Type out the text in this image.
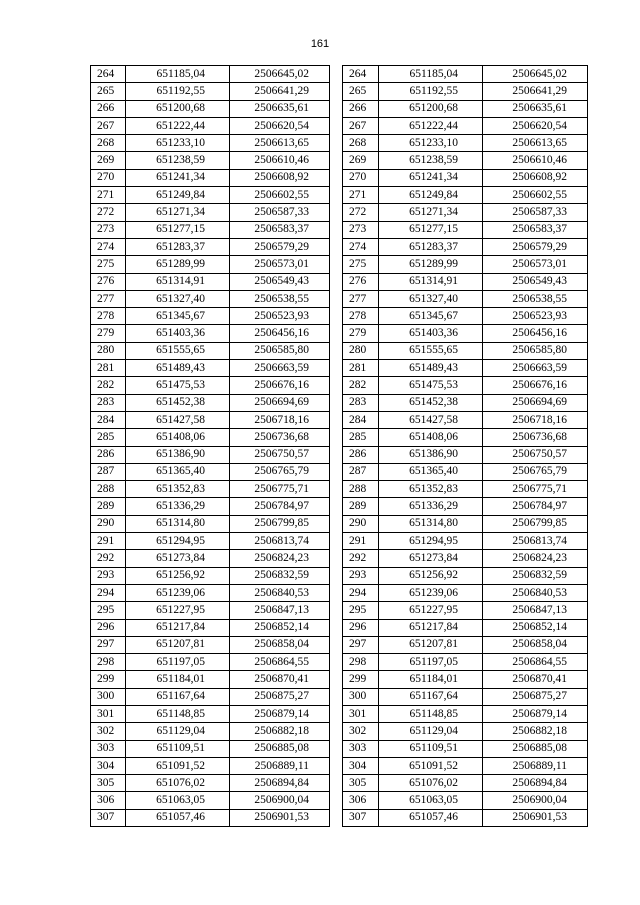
161
264	651185,04	2506645,02
265	651192,55	2506641,29
266	651200,68	2506635,61
267	651222,44	2506620,54
268	651233,10	2506613,65
269	651238,59	2506610,46
270	651241,34	2506608,92
271	651249,84	2506602,55
272	651271,34	2506587,33
273	651277,15	2506583,37
274	651283,37	2506579,29
275	651289,99	2506573,01
276	651314,91	2506549,43
277	651327,40	2506538,55
278	651345,67	2506523,93
279	651403,36	2506456,16
280	651555,65	2506585,80
281	651489,43	2506663,59
282	651475,53	2506676,16
283	651452,38	2506694,69
284	651427,58	2506718,16
285	651408,06	2506736,68
286	651386,90	2506750,57
287	651365,40	2506765,79
288	651352,83	2506775,71
289	651336,29	2506784,97
290	651314,80	2506799,85
291	651294,95	2506813,74
292	651273,84	2506824,23
293	651256,92	2506832,59
294	651239,06	2506840,53
295	651227,95	2506847,13
296	651217,84	2506852,14
297	651207,81	2506858,04
298	651197,05	2506864,55
299	651184,01	2506870,41
300	651167,64	2506875,27
301	651148,85	2506879,14
302	651129,04	2506882,18
303	651109,51	2506885,08
304	651091,52	2506889,11
305	651076,02	2506894,84
306	651063,05	2506900,04
307	651057,46	2506901,53
264	651185,04	2506645,02
265	651192,55	2506641,29
266	651200,68	2506635,61
267	651222,44	2506620,54
268	651233,10	2506613,65
269	651238,59	2506610,46
270	651241,34	2506608,92
271	651249,84	2506602,55
272	651271,34	2506587,33
273	651277,15	2506583,37
274	651283,37	2506579,29
275	651289,99	2506573,01
276	651314,91	2506549,43
277	651327,40	2506538,55
278	651345,67	2506523,93
279	651403,36	2506456,16
280	651555,65	2506585,80
281	651489,43	2506663,59
282	651475,53	2506676,16
283	651452,38	2506694,69
284	651427,58	2506718,16
285	651408,06	2506736,68
286	651386,90	2506750,57
287	651365,40	2506765,79
288	651352,83	2506775,71
289	651336,29	2506784,97
290	651314,80	2506799,85
291	651294,95	2506813,74
292	651273,84	2506824,23
293	651256,92	2506832,59
294	651239,06	2506840,53
295	651227,95	2506847,13
296	651217,84	2506852,14
297	651207,81	2506858,04
298	651197,05	2506864,55
299	651184,01	2506870,41
300	651167,64	2506875,27
301	651148,85	2506879,14
302	651129,04	2506882,18
303	651109,51	2506885,08
304	651091,52	2506889,11
305	651076,02	2506894,84
306	651063,05	2506900,04
307	651057,46	2506901,53
